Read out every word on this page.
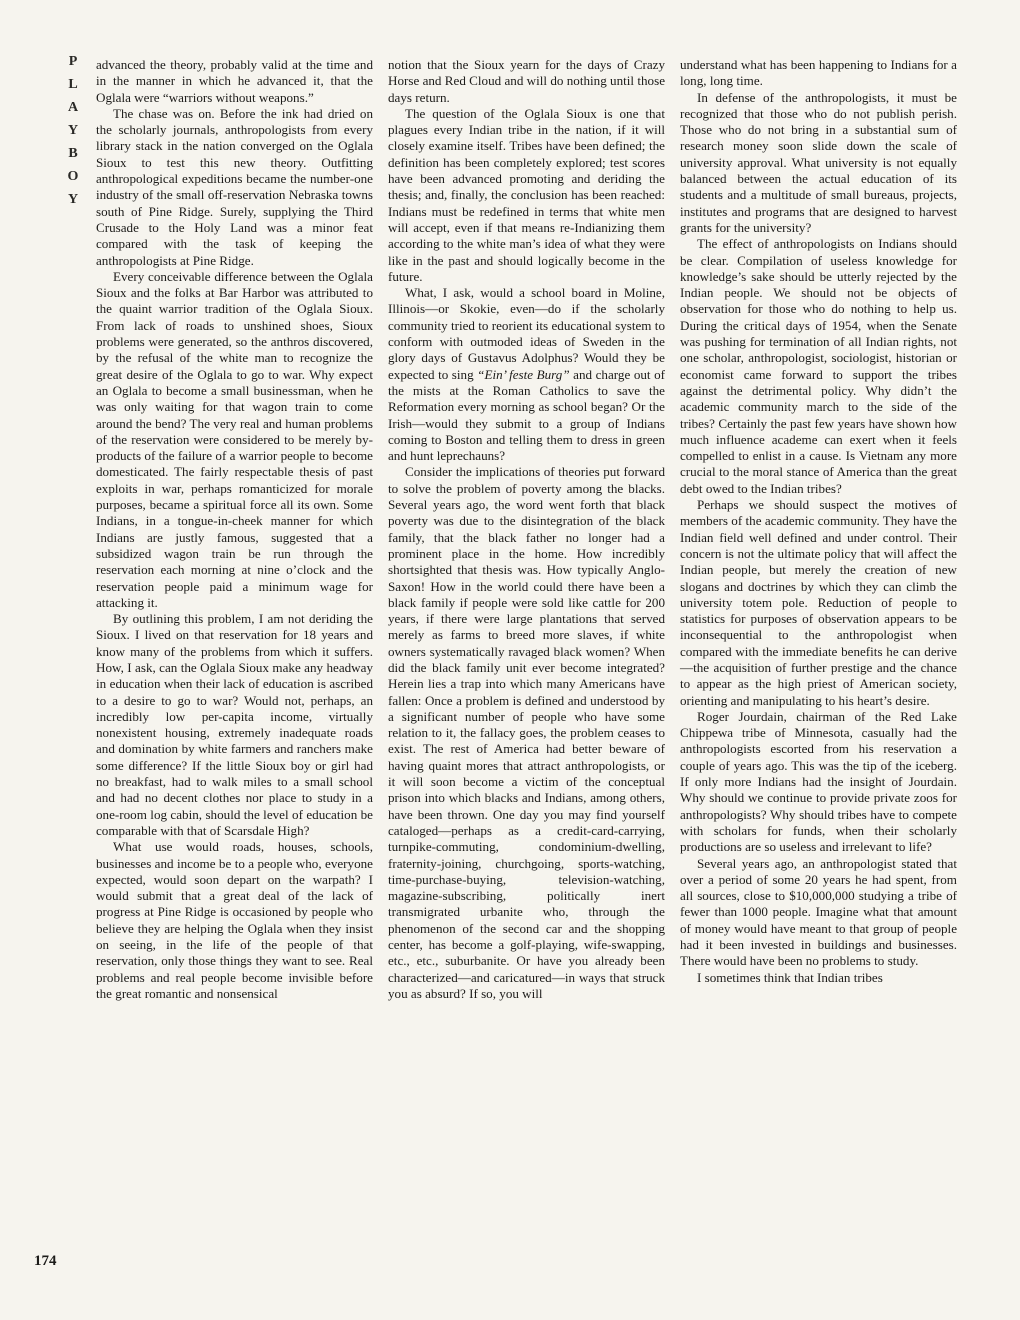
P
L
A
Y
B
O
Y
174

advanced the theory, probably valid at the time and in the manner in which he advanced it, that the Oglala were “warriors without weapons.”

The chase was on. Before the ink had dried on the scholarly journals, anthropologists from every library stack in the nation converged on the Oglala Sioux to test this new theory. Outfitting anthropological expeditions became the number-one industry of the small off-reservation Nebraska towns south of Pine Ridge. Surely, supplying the Third Crusade to the Holy Land was a minor feat compared with the task of keeping the anthropologists at Pine Ridge.

Every conceivable difference between the Oglala Sioux and the folks at Bar Harbor was attributed to the quaint warrior tradition of the Oglala Sioux. From lack of roads to unshined shoes, Sioux problems were generated, so the anthros discovered, by the refusal of the white man to recognize the great desire of the Oglala to go to war. Why expect an Oglala to become a small businessman, when he was only waiting for that wagon train to come around the bend? The very real and human problems of the reservation were considered to be merely by-products of the failure of a warrior people to become domesticated. The fairly respectable thesis of past exploits in war, perhaps romanticized for morale purposes, became a spiritual force all its own. Some Indians, in a tongue-in-cheek manner for which Indians are justly famous, suggested that a subsidized wagon train be run through the reservation each morning at nine o’clock and the reservation people paid a minimum wage for attacking it.

By outlining this problem, I am not deriding the Sioux. I lived on that reservation for 18 years and know many of the problems from which it suffers. How, I ask, can the Oglala Sioux make any headway in education when their lack of education is ascribed to a desire to go to war? Would not, perhaps, an incredibly low per-capita income, virtually nonexistent housing, extremely inadequate roads and domination by white farmers and ranchers make some difference? If the little Sioux boy or girl had no breakfast, had to walk miles to a small school and had no decent clothes nor place to study in a one-room log cabin, should the level of education be comparable with that of Scarsdale High?

What use would roads, houses, schools, businesses and income be to a people who, everyone expected, would soon depart on the warpath? I would submit that a great deal of the lack of progress at Pine Ridge is occasioned by people who believe they are helping the Oglala when they insist on seeing, in the life of the people of that reservation, only those things they want to see. Real problems and real people become invisible before the great romantic and nonsensical

notion that the Sioux yearn for the days of Crazy Horse and Red Cloud and will do nothing until those days return.

The question of the Oglala Sioux is one that plagues every Indian tribe in the nation, if it will closely examine itself. Tribes have been defined; the definition has been completely explored; test scores have been advanced promoting and deriding the thesis; and, finally, the conclusion has been reached: Indians must be redefined in terms that white men will accept, even if that means re-Indianizing them according to the white man’s idea of what they were like in the past and should logically become in the future.

What, I ask, would a school board in Moline, Illinois—or Skokie, even—do if the scholarly community tried to reorient its educational system to conform with outmoded ideas of Sweden in the glory days of Gustavus Adolphus? Would they be expected to sing “Ein’ feste Burg” and charge out of the mists at the Roman Catholics to save the Reformation every morning as school began? Or the Irish—would they submit to a group of Indians coming to Boston and telling them to dress in green and hunt leprechauns?

Consider the implications of theories put forward to solve the problem of poverty among the blacks. Several years ago, the word went forth that black poverty was due to the disintegration of the black family, that the black father no longer had a prominent place in the home. How incredibly shortsighted that thesis was. How typically Anglo-Saxon! How in the world could there have been a black family if people were sold like cattle for 200 years, if there were large plantations that served merely as farms to breed more slaves, if white owners systematically ravaged black women? When did the black family unit ever become integrated? Herein lies a trap into which many Americans have fallen: Once a problem is defined and understood by a significant number of people who have some relation to it, the fallacy goes, the problem ceases to exist. The rest of America had better beware of having quaint mores that attract anthropologists, or it will soon become a victim of the conceptual prison into which blacks and Indians, among others, have been thrown. One day you may find yourself cataloged—perhaps as a credit-card-carrying, turnpike-commuting, condominium-dwelling, fraternity-joining, churchgoing, sports-watching, time-purchase-buying, television-watching, magazine-subscribing, politically inert transmigrated urbanite who, through the phenomenon of the second car and the shopping center, has become a golf-playing, wife-swapping, etc., etc., suburbanite. Or have you already been characterized—and caricatured—in ways that struck you as absurd? If so, you will

understand what has been happening to Indians for a long, long time.

In defense of the anthropologists, it must be recognized that those who do not publish perish. Those who do not bring in a substantial sum of research money soon slide down the scale of university approval. What university is not equally balanced between the actual education of its students and a multitude of small bureaus, projects, institutes and programs that are designed to harvest grants for the university?

The effect of anthropologists on Indians should be clear. Compilation of useless knowledge for knowledge’s sake should be utterly rejected by the Indian people. We should not be objects of observation for those who do nothing to help us. During the critical days of 1954, when the Senate was pushing for termination of all Indian rights, not one scholar, anthropologist, sociologist, historian or economist came forward to support the tribes against the detrimental policy. Why didn’t the academic community march to the side of the tribes? Certainly the past few years have shown how much influence academe can exert when it feels compelled to enlist in a cause. Is Vietnam any more crucial to the moral stance of America than the great debt owed to the Indian tribes?

Perhaps we should suspect the motives of members of the academic community. They have the Indian field well defined and under control. Their concern is not the ultimate policy that will affect the Indian people, but merely the creation of new slogans and doctrines by which they can climb the university totem pole. Reduction of people to statistics for purposes of observation appears to be inconsequential to the anthropologist when compared with the immediate benefits he can derive—the acquisition of further prestige and the chance to appear as the high priest of American society, orienting and manipulating to his heart’s desire.

Roger Jourdain, chairman of the Red Lake Chippewa tribe of Minnesota, casually had the anthropologists escorted from his reservation a couple of years ago. This was the tip of the iceberg. If only more Indians had the insight of Jourdain. Why should we continue to provide private zoos for anthropologists? Why should tribes have to compete with scholars for funds, when their scholarly productions are so useless and irrelevant to life?

Several years ago, an anthropologist stated that over a period of some 20 years he had spent, from all sources, close to $10,000,000 studying a tribe of fewer than 1000 people. Imagine what that amount of money would have meant to that group of people had it been invested in buildings and businesses. There would have been no problems to study.

I sometimes think that Indian tribes
